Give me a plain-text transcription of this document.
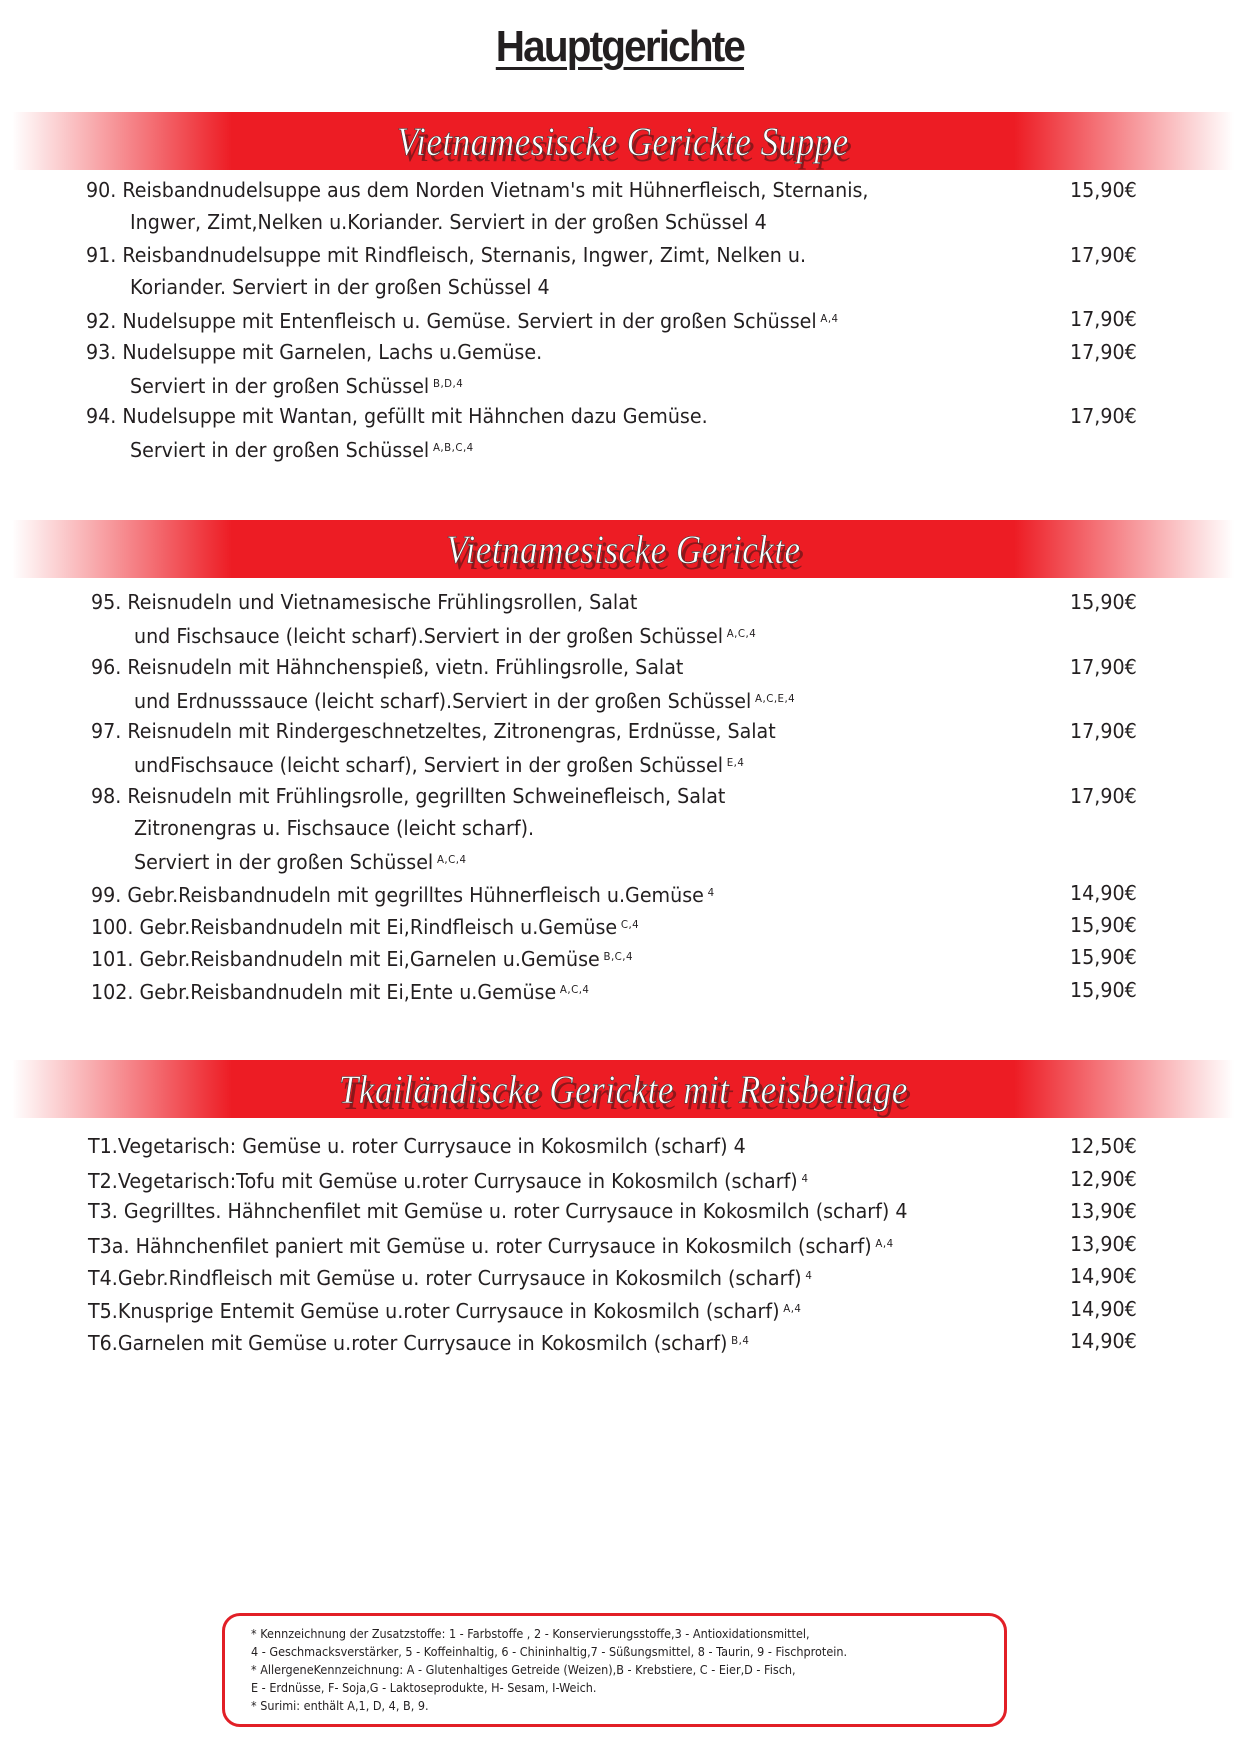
Hauptgerichte
Vietnamesiscke Gerickte Suppe
90. Reisbandnudelsuppe aus dem Norden Vietnam's mit Hühnerfleisch, Sternanis,
Ingwer, Zimt,Nelken u.Koriander. Serviert in der großen Schüssel 4
15,90€
91. Reisbandnudelsuppe mit Rindfleisch, Sternanis, Ingwer, Zimt, Nelken u.
Koriander. Serviert in der großen Schüssel 4
17,90€
92. Nudelsuppe mit Entenfleisch u. Gemüse. Serviert in der großen Schüssel $^{A,4}$	17,90€
93. Nudelsuppe mit Garnelen, Lachs u.Gemüse.
Serviert in der großen Schüssel $^{B,D,4}$
17,90€
94. Nudelsuppe mit Wantan, gefüllt mit Hähnchen dazu Gemüse.
Serviert in der großen Schüssel $^{A,B,C,4}$
17,90€
Vietnamesiscke Gerickte
95. Reisnudeln und Vietnamesische Frühlingsrollen, Salat
und Fischsauce (leicht scharf).Serviert in der großen Schüssel $^{A,C,4}$
15,90€
96. Reisnudeln mit Hähnchenspieß, vietn. Frühlingsrolle, Salat
und Erdnusssauce (leicht scharf).Serviert in der großen Schüssel $^{A,C,E,4}$
17,90€
97. Reisnudeln mit Rindergeschnetzeltes, Zitronengras, Erdnüsse, Salat
undFischsauce (leicht scharf), Serviert in der großen Schüssel $^{E,4}$
17,90€
98. Reisnudeln mit Frühlingsrolle, gegrillten Schweinefleisch, Salat
Zitronengras u. Fischsauce (leicht scharf).
Serviert in der großen Schüssel $^{A,C,4}$
17,90€
99. Gebr.Reisbandnudeln mit gegrilltes Hühnerfleisch u.Gemüse $^4$	14,90€
100. Gebr.Reisbandnudeln mit Ei,Rindfleisch u.Gemüse $^{C,4}$	15,90€
101. Gebr.Reisbandnudeln mit Ei,Garnelen u.Gemüse $^{B,C,4}$	15,90€
102. Gebr.Reisbandnudeln mit Ei,Ente u.Gemüse $^{A,C,4}$	15,90€
Tkailändiscke Gerickte mit Reisbeilage
T1.Vegetarisch: Gemüse u. roter Currysauce in Kokosmilch (scharf) 4	12,50€
T2.Vegetarisch:Tofu mit Gemüse u.roter Currysauce in Kokosmilch (scharf) $^4$	12,90€
T3. Gegrilltes. Hähnchenfilet mit Gemüse u. roter Currysauce in Kokosmilch (scharf) 4	13,90€
T3a. Hähnchenfilet paniert mit Gemüse u. roter Currysauce in Kokosmilch (scharf) $^{A,4}$	13,90€
T4.Gebr.Rindfleisch mit Gemüse u. roter Currysauce in Kokosmilch (scharf) $^4$	14,90€
T5.Knusprige Entemit Gemüse u.roter Currysauce in Kokosmilch (scharf) $^{A,4}$	14,90€
T6.Garnelen mit Gemüse u.roter Currysauce in Kokosmilch (scharf) $^{B,4}$	14,90€
* Kennzeichnung der Zusatzstoffe: 1 - Farbstoffe , 2 - Konservierungsstoffe,3 - Antioxidationsmittel,
4 - Geschmacksverstärker, 5 - Koffeinhaltig, 6 - Chininhaltig,7 - Süßungsmittel, 8 - Taurin, 9 - Fischprotein.
* AllergeneKennzeichnung: A - Glutenhaltiges Getreide (Weizen),B - Krebstiere, C - Eier,D - Fisch,
E - Erdnüsse, F- Soja,G - Laktoseprodukte, H- Sesam, I-Weich.
* Surimi: enthält A,1, D, 4, B, 9.
